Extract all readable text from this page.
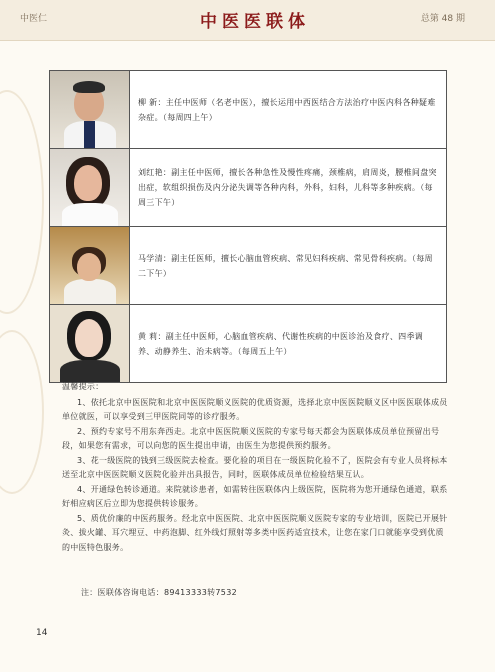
中医仁	中医医联体	总第 48 期
	柳 新：主任中医师（名老中医），擅长运用中西医结合方法治疗中医内科各种疑难杂症。（每周四上午）

	刘红艳：副主任中医师，擅长各种急性及慢性疼痛，颈椎病，肩周炎，腰椎间盘突出症，软组织损伤及内分泌失调等各种内科，外科，妇科，儿科等多种疾病。（每周三下午）

	马学清：副主任医师，擅长心脑血管疾病、常见妇科疾病、常见骨科疾病。（每周二下午）

	黄 莉：副主任中医师，心脑血管疾病、代谢性疾病的中医诊治及食疗、四季调养、动静养生、治未病等。（每周五上午）
温馨提示：

1、依托北京中医医院和北京中医医院顺义医院的优质资源，选择北京中医医院顺义区中医医联体成员单位就医，可以享受到三甲医院同等的诊疗服务。

2、预约专家号不用东奔西走。北京中医医院顺义医院的专家号每天都会为医联体成员单位预留出号段，如果您有需求，可以向您的医生提出申请，由医生为您提供预约服务。

3、花一级医院的钱到三级医院去检查。要化验的项目在一级医院化验不了，医院会有专业人员将标本送至北京中医医院顺义医院化验并出具报告，同时，医联体成员单位检验结果互认。

4、开通绿色转诊通道。来院就诊患者，如需转往医联体内上级医院，医院将为您开通绿色通道，联系好相应病区后立即为您提供转诊服务。

5、质优价廉的中医药服务。经北京中医医院、北京中医医院顺义医院专家的专业培训，医院已开展针灸、拔火罐、耳穴埋豆、中药泡脚、红外线灯照射等多类中医药适宜技术，让您在家门口就能享受到优质的中医特色服务。

注：医联体咨询电话：89413333转7532
14
